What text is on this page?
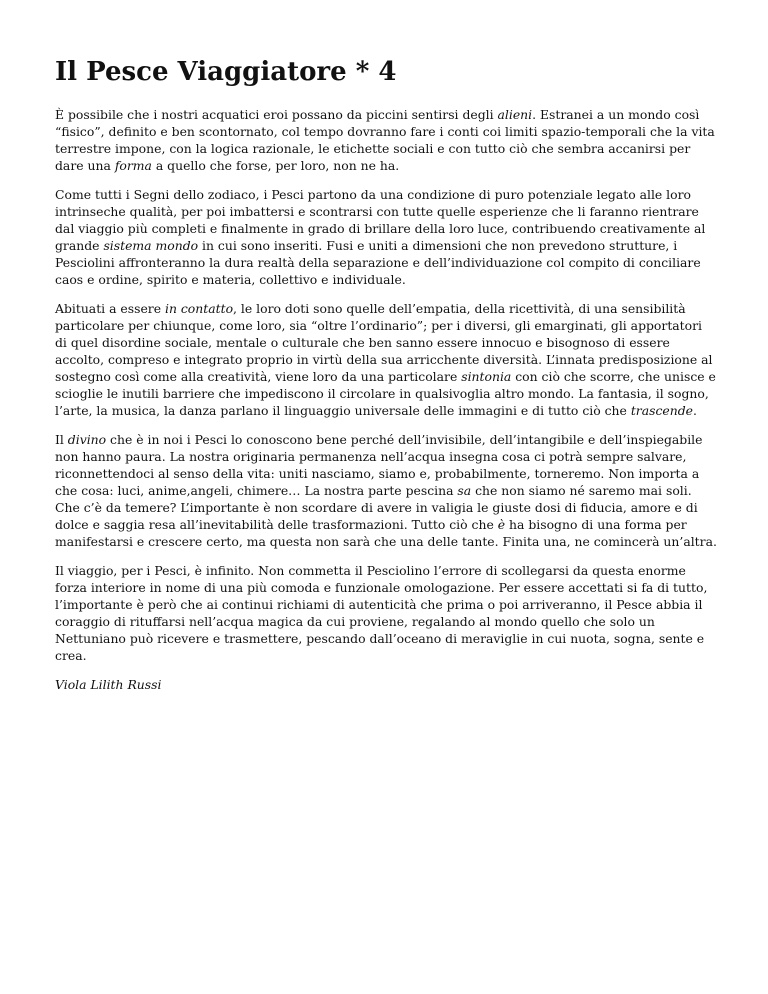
Il Pesce Viaggiatore * 4

È possibile che i nostri acquatici eroi possano da piccini sentirsi degli alieni. Estranei a un mondo così “fisico”, definito e ben scontornato, col tempo dovranno fare i conti coi limiti spazio-temporali che la vita terrestre impone, con la logica razionale, le etichette sociali e con tutto ciò che sembra accanirsi per dare una forma a quello che forse, per loro, non ne ha.

Come tutti i Segni dello zodiaco, i Pesci partono da una condizione di puro potenziale legato alle loro intrinseche qualità, per poi imbattersi e scontrarsi con tutte quelle esperienze che li faranno rientrare dal viaggio più completi e finalmente in grado di brillare della loro luce, contribuendo creativamente al grande sistema mondo in cui sono inseriti. Fusi e uniti a dimensioni che non prevedono strutture, i Pesciolini affronteranno la dura realtà della separazione e dell’individuazione col compito di conciliare caos e ordine, spirito e materia, collettivo e individuale.

Abituati a essere in contatto, le loro doti sono quelle dell’empatia, della ricettività, di una sensibilità particolare per chiunque, come loro, sia “oltre l’ordinario”; per i diversi, gli emarginati, gli apportatori di quel disordine sociale, mentale o culturale che ben sanno essere innocuo e bisognoso di essere accolto, compreso e integrato proprio in virtù della sua arricchente diversità. L’innata predisposizione al sostegno così come alla creatività, viene loro da una particolare sintonia con ciò che scorre, che unisce e scioglie le inutili barriere che impediscono il circolare in qualsivoglia altro mondo. La fantasia, il sogno, l’arte, la musica, la danza parlano il linguaggio universale delle immagini e di tutto ciò che trascende.

Il divino che è in noi i Pesci lo conoscono bene perché dell’invisibile, dell’intangibile e dell’inspiegabile non hanno paura. La nostra originaria permanenza nell’acqua insegna cosa ci potrà sempre salvare, riconnettendoci al senso della vita: uniti nasciamo, siamo e, probabilmente, torneremo. Non importa a che cosa: luci, anime,angeli, chimere… La nostra parte pescina sa che non siamo né saremo mai soli. Che c’è da temere? L’importante è non scordare di avere in valigia le giuste dosi di fiducia, amore e di dolce e saggia resa all’inevitabilità delle trasformazioni. Tutto ciò che è ha bisogno di una forma per manifestarsi e crescere certo, ma questa non sarà che una delle tante. Finita una, ne comincerà un’altra.

Il viaggio, per i Pesci, è infinito. Non commetta il Pesciolino l’errore di scollegarsi da questa enorme forza interiore in nome di una più comoda e funzionale omologazione. Per essere accettati si fa di tutto, l’importante è però che ai continui richiami di autenticità che prima o poi arriveranno, il Pesce abbia il coraggio di rituffarsi nell’acqua magica da cui proviene, regalando al mondo quello che solo un Nettuniano può ricevere e trasmettere, pescando dall’oceano di meraviglie in cui nuota, sogna, sente e crea.

Viola Lilith Russi
